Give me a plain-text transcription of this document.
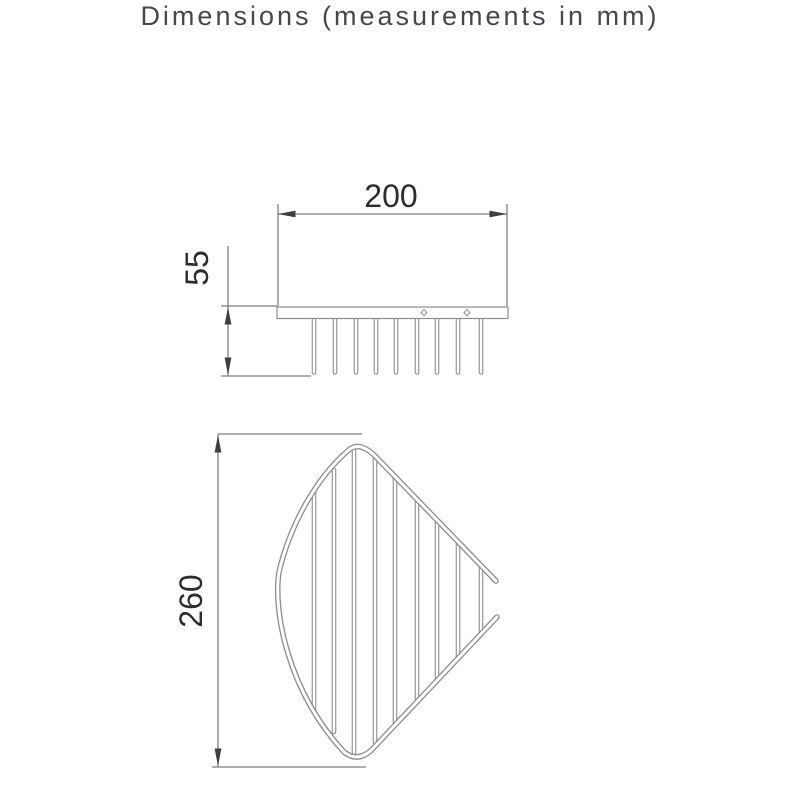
Dimensions (measurements in mm)
200
55
260
